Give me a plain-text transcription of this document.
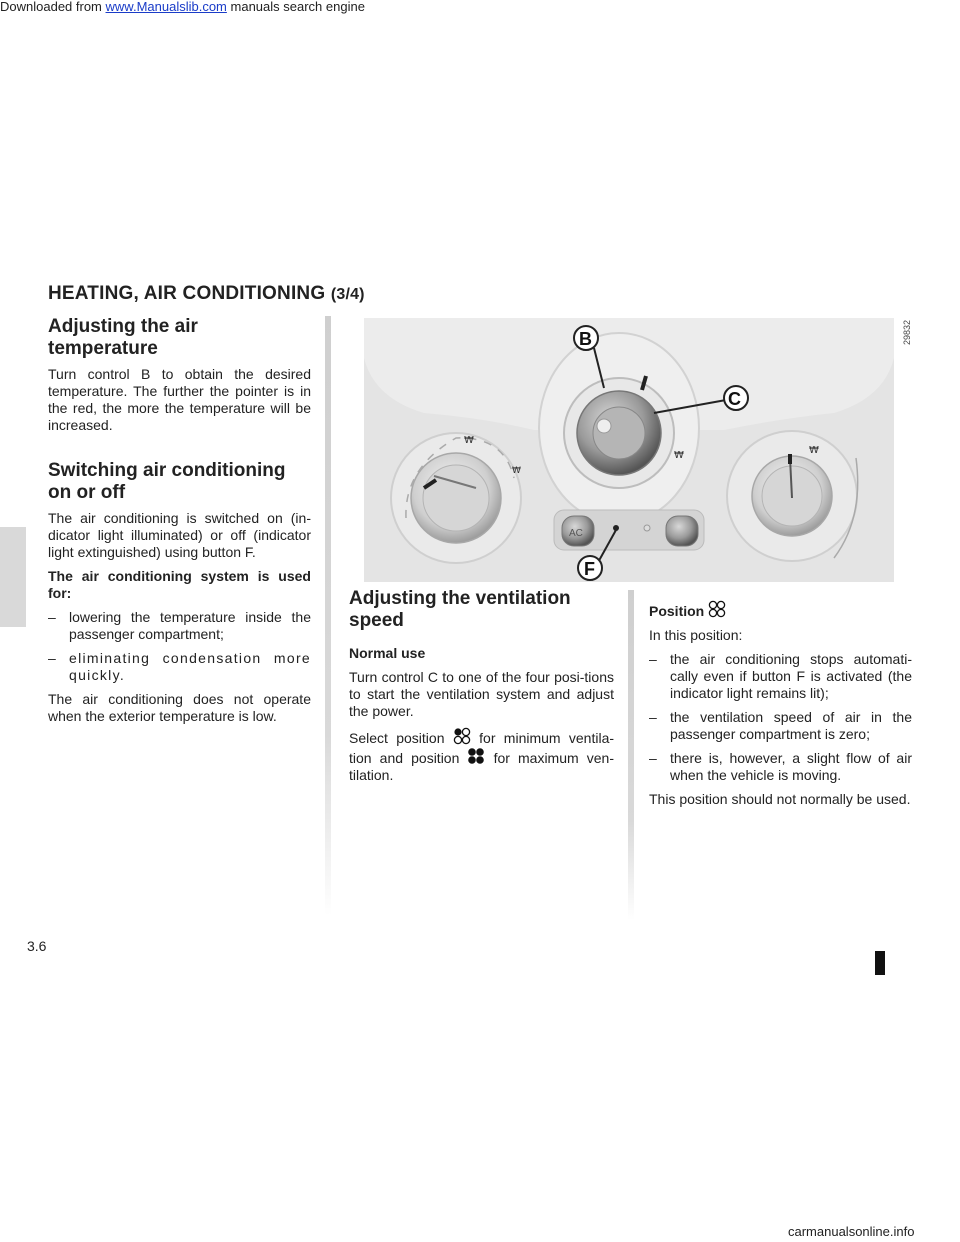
Downloaded from www.Manualslib.com manuals search engine
HEATING, AIR CONDITIONING (3/4)
Adjusting the air temperature
Turn control B to obtain the desired temperature. The further the pointer is in the red, the more the temperature will be increased.
Switching air conditioning on or off
The air conditioning is switched on (in-dicator light illuminated) or off (indicator light extinguished) using button F.
The air conditioning system is used for:
– lowering the temperature inside the passenger compartment;
– eliminating condensation more quickly.
The air conditioning does not operate when the exterior temperature is low.
₩
₩
₩	₩
AC
B
C
F
29832
Adjusting the ventilation speed
Normal use
Turn control C to one of the four posi-tions to start the ventilation system and adjust the power.
Select position for minimum ventila-tion and position for maximum ven-tilation.
Position
In this position:
– the air conditioning stops automati-cally even if button F is activated (the indicator light remains lit);
– the ventilation speed of air in the passenger compartment is zero;
– there is, however, a slight flow of air when the vehicle is moving.
This position should not normally be used.
3.6
carmanualsonline.info
